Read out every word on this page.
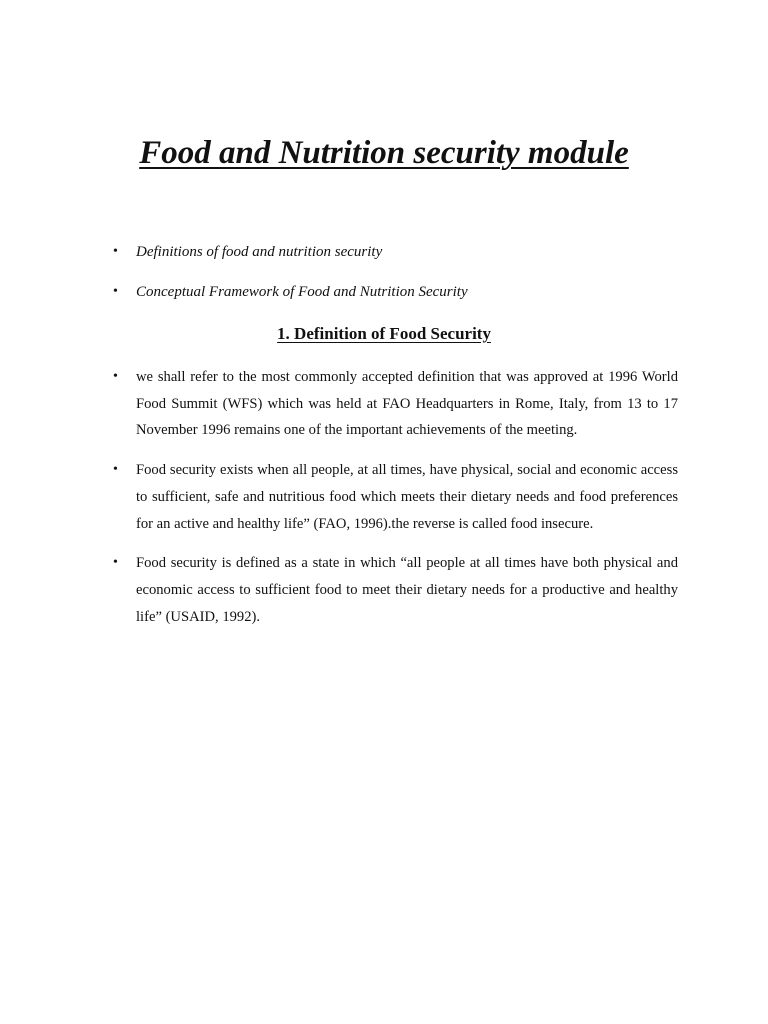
Food and Nutrition security module
• Definitions of food and nutrition security
• Conceptual Framework of Food and Nutrition Security
1. Definition of Food Security
• we shall refer to the most commonly accepted definition that was approved at 1996 World Food Summit (WFS) which was held at FAO Headquarters in Rome, Italy, from 13 to 17 November 1996 remains one of the important achievements of the meeting.
• Food security exists when all people, at all times, have physical, social and economic access to sufficient, safe and nutritious food which meets their dietary needs and food preferences for an active and healthy life” (FAO, 1996).the reverse is called food insecure.
• Food security is defined as a state in which “all people at all times have both physical and economic access to sufficient food to meet their dietary needs for a productive and healthy life” (USAID, 1992).
